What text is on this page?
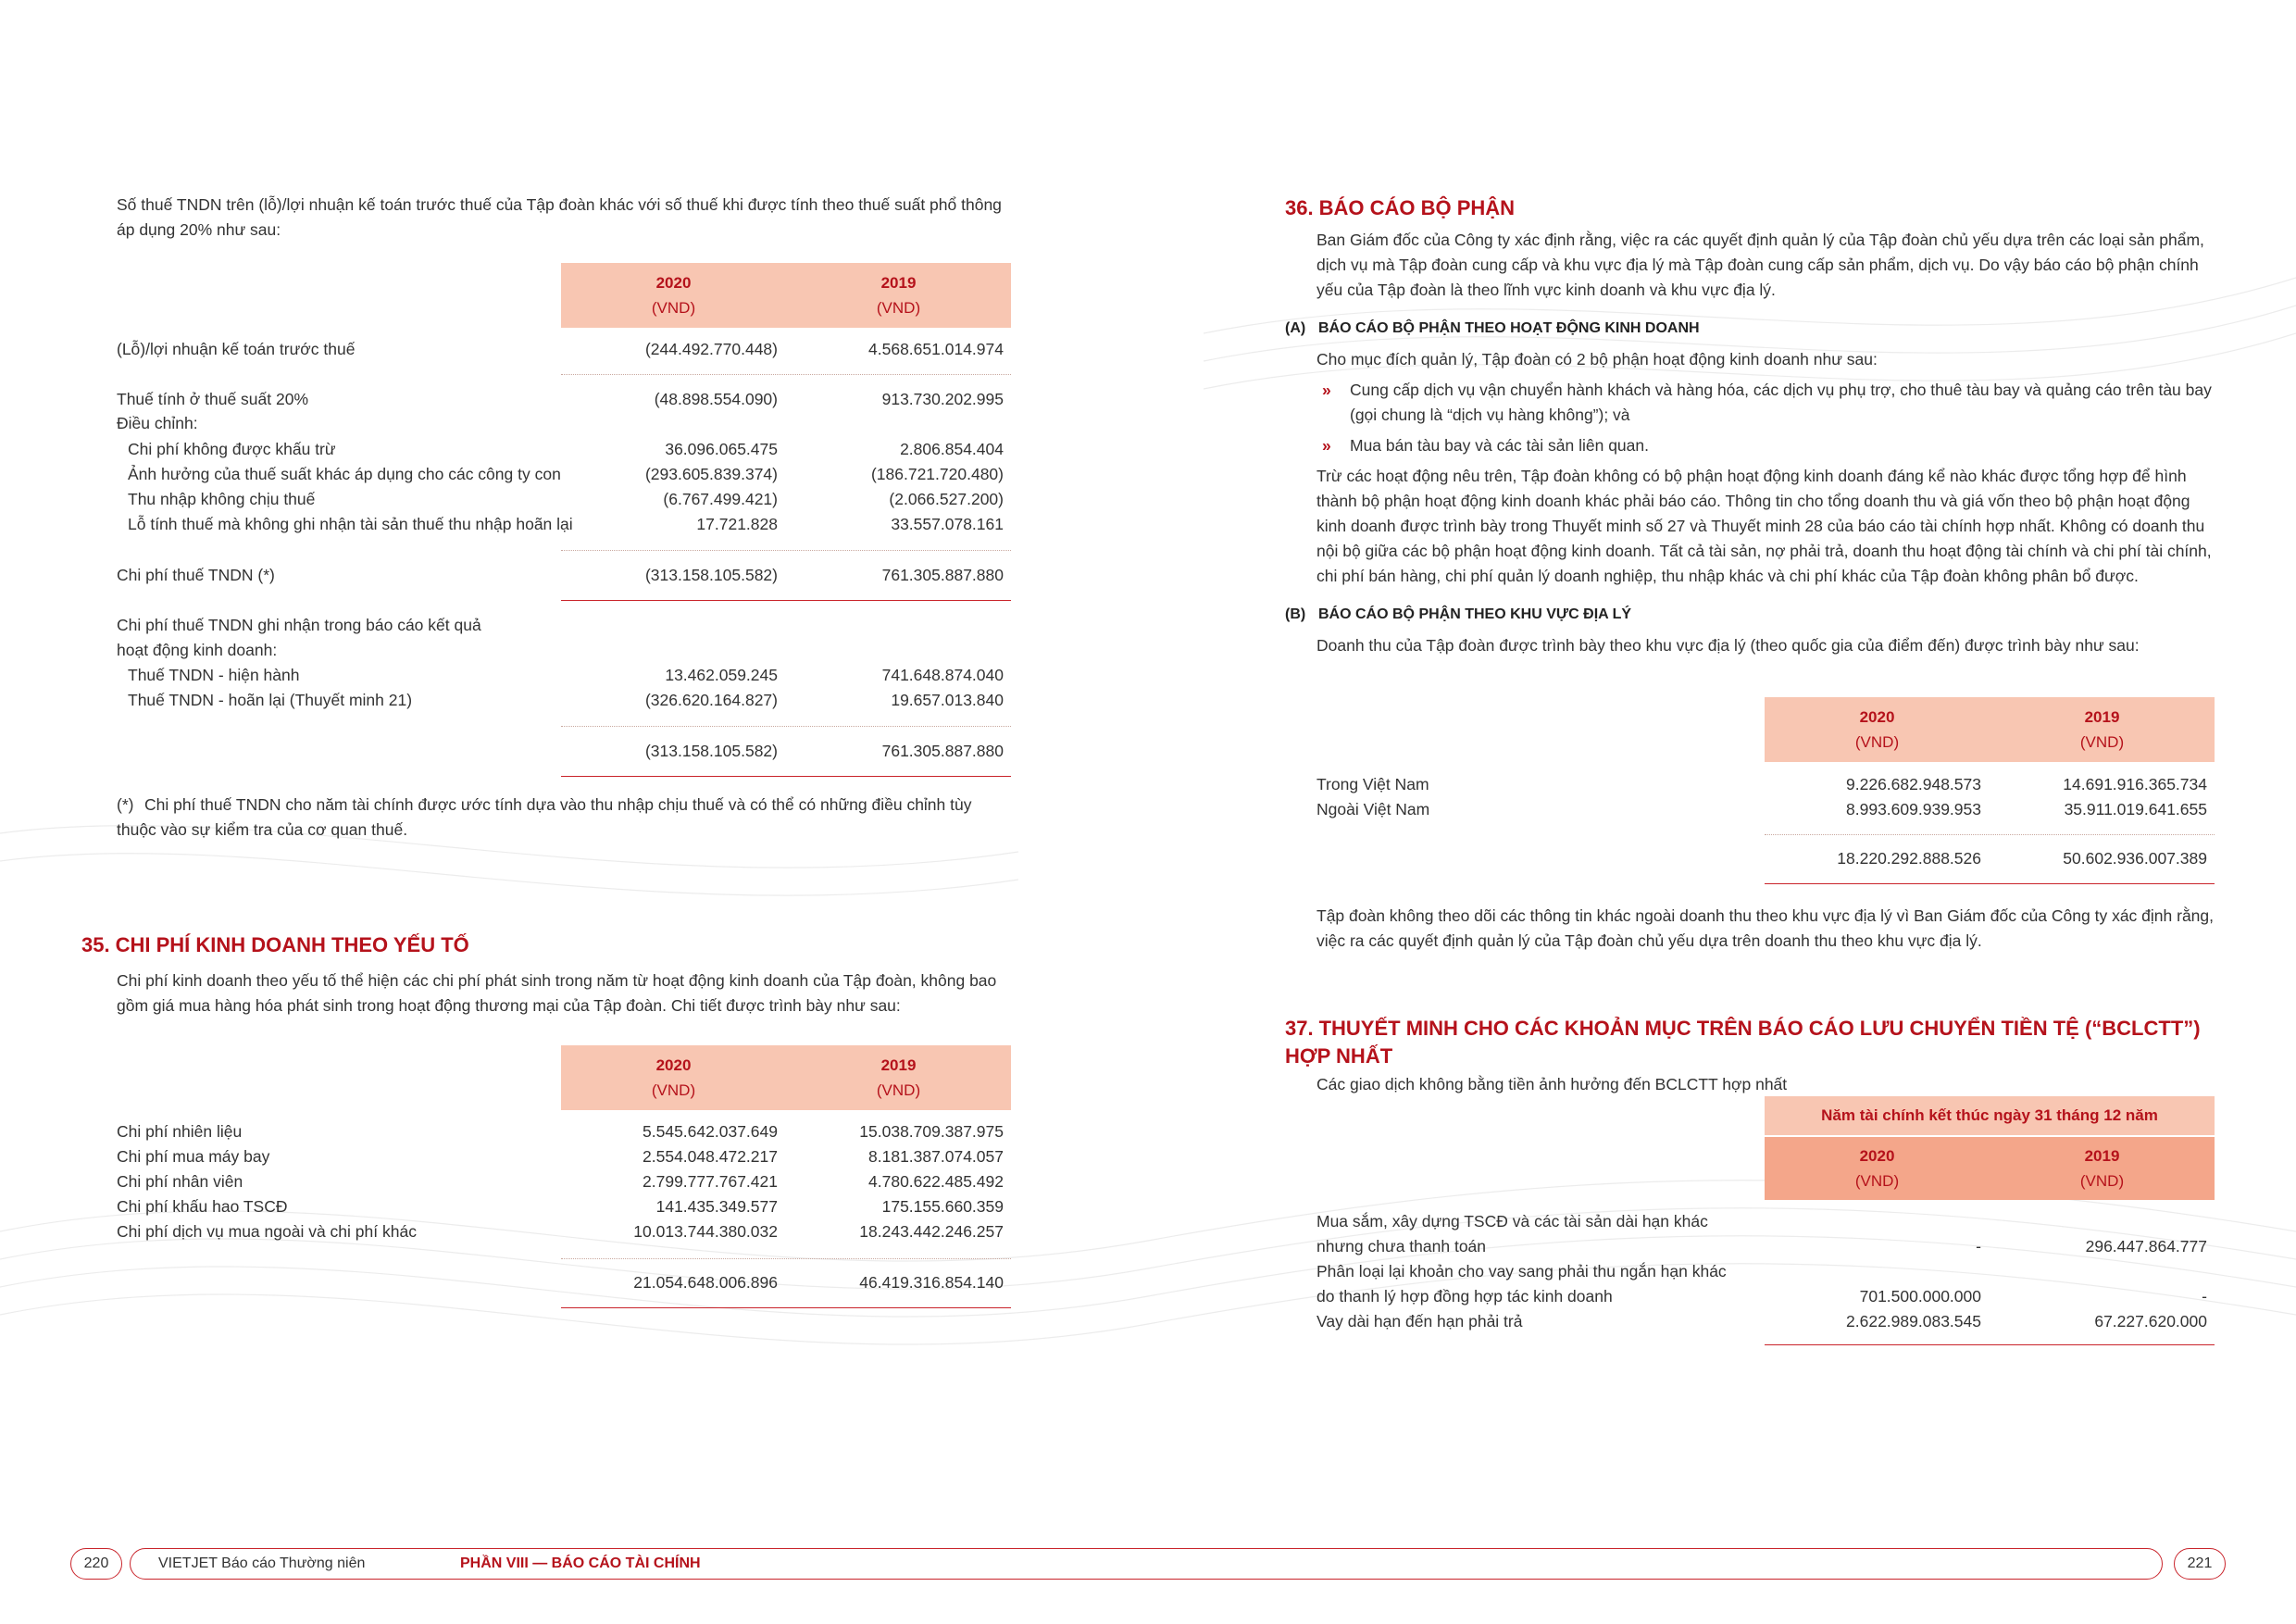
Số thuế TNDN trên (lỗ)/lợi nhuận kế toán trước thuế của Tập đoàn khác với số thuế khi được tính theo thuế suất phổ thông áp dụng 20% như sau:

2020
(VND)
2019
(VND)
(Lỗ)/lợi nhuận kế toán trước thuế	(244.492.770.448)	4.568.651.014.974
Thuế tính ở thuế suất 20%	(48.898.554.090)	913.730.202.995
Điều chỉnh:
Chi phí không được khấu trừ	36.096.065.475	2.806.854.404
Ảnh hưởng của thuế suất khác áp dụng cho các công ty con	(293.605.839.374)	(186.721.720.480)
Thu nhập không chịu thuế	(6.767.499.421)	(2.066.527.200)
Lỗ tính thuế mà không ghi nhận tài sản thuế thu nhập hoãn lại	17.721.828	33.557.078.161
Chi phí thuế TNDN (*)	(313.158.105.582)	761.305.887.880
Chi phí thuế TNDN ghi nhận trong báo cáo kết quả
hoạt động kinh doanh:
Thuế TNDN - hiện hành	13.462.059.245	741.648.874.040
Thuế TNDN - hoãn lại (Thuyết minh 21)	(326.620.164.827)	19.657.013.840
(313.158.105.582)	761.305.887.880

(*) Chi phí thuế TNDN cho năm tài chính được ước tính dựa vào thu nhập chịu thuế và có thể có những điều chỉnh tùy thuộc vào sự kiểm tra của cơ quan thuế.

35. CHI PHÍ KINH DOANH THEO YẾU TỐ

Chi phí kinh doanh theo yếu tố thể hiện các chi phí phát sinh trong năm từ hoạt động kinh doanh của Tập đoàn, không bao gồm giá mua hàng hóa phát sinh trong hoạt động thương mại của Tập đoàn. Chi tiết được trình bày như sau:

2020
(VND)
2019
(VND)
Chi phí nhiên liệu	5.545.642.037.649	15.038.709.387.975
Chi phí mua máy bay	2.554.048.472.217	8.181.387.074.057
Chi phí nhân viên	2.799.777.767.421	4.780.622.485.492
Chi phí khấu hao TSCĐ	141.435.349.577	175.155.660.359
Chi phí dịch vụ mua ngoài và chi phí khác	10.013.744.380.032	18.243.442.246.257
21.054.648.006.896	46.419.316.854.140
36. BÁO CÁO BỘ PHẬN

Ban Giám đốc của Công ty xác định rằng, việc ra các quyết định quản lý của Tập đoàn chủ yếu dựa trên các loại sản phẩm, dịch vụ mà Tập đoàn cung cấp và khu vực địa lý mà Tập đoàn cung cấp sản phẩm, dịch vụ. Do vậy báo cáo bộ phận chính yếu của Tập đoàn là theo lĩnh vực kinh doanh và khu vực địa lý.

(A) BÁO CÁO BỘ PHẬN THEO HOẠT ĐỘNG KINH DOANH

Cho mục đích quản lý, Tập đoàn có 2 bộ phận hoạt động kinh doanh như sau:

» Cung cấp dịch vụ vận chuyển hành khách và hàng hóa, các dịch vụ phụ trợ, cho thuê tàu bay và quảng cáo trên tàu bay (gọi chung là “dịch vụ hàng không”); và
» Mua bán tàu bay và các tài sản liên quan.

Trừ các hoạt động nêu trên, Tập đoàn không có bộ phận hoạt động kinh doanh đáng kể nào khác được tổng hợp để hình thành bộ phận hoạt động kinh doanh khác phải báo cáo. Thông tin cho tổng doanh thu và giá vốn theo bộ phận hoạt động kinh doanh được trình bày trong Thuyết minh số 27 và Thuyết minh 28 của báo cáo tài chính hợp nhất. Không có doanh thu nội bộ giữa các bộ phận hoạt động kinh doanh. Tất cả tài sản, nợ phải trả, doanh thu hoạt động tài chính và chi phí tài chính, chi phí bán hàng, chi phí quản lý doanh nghiệp, thu nhập khác và chi phí khác của Tập đoàn không phân bổ được.

(B) BÁO CÁO BỘ PHẬN THEO KHU VỰC ĐỊA LÝ

Doanh thu của Tập đoàn được trình bày theo khu vực địa lý (theo quốc gia của điểm đến) được trình bày như sau:

2020
(VND)
2019
(VND)
Trong Việt Nam	9.226.682.948.573	14.691.916.365.734
Ngoài Việt Nam	8.993.609.939.953	35.911.019.641.655
18.220.292.888.526	50.602.936.007.389

Tập đoàn không theo dõi các thông tin khác ngoài doanh thu theo khu vực địa lý vì Ban Giám đốc của Công ty xác định rằng, việc ra các quyết định quản lý của Tập đoàn chủ yếu dựa trên doanh thu theo khu vực địa lý.

37. THUYẾT MINH CHO CÁC KHOẢN MỤC TRÊN BÁO CÁO LƯU CHUYỂN TIỀN TỆ (“BCLCTT”) HỢP NHẤT

Các giao dịch không bằng tiền ảnh hưởng đến BCLCTT hợp nhất

Năm tài chính kết thúc ngày 31 tháng 12 năm
2020
(VND)
2019
(VND)
Mua sắm, xây dựng TSCĐ và các tài sản dài hạn khác
nhưng chưa thanh toán	-	296.447.864.777
Phân loại lại khoản cho vay sang phải thu ngắn hạn khác
do thanh lý hợp đồng hợp tác kinh doanh	701.500.000.000	-
Vay dài hạn đến hạn phải trả	2.622.989.083.545	67.227.620.000
220	VIETJET Báo cáo Thường niên	PHẦN VIII — BÁO CÁO TÀI CHÍNH	221
